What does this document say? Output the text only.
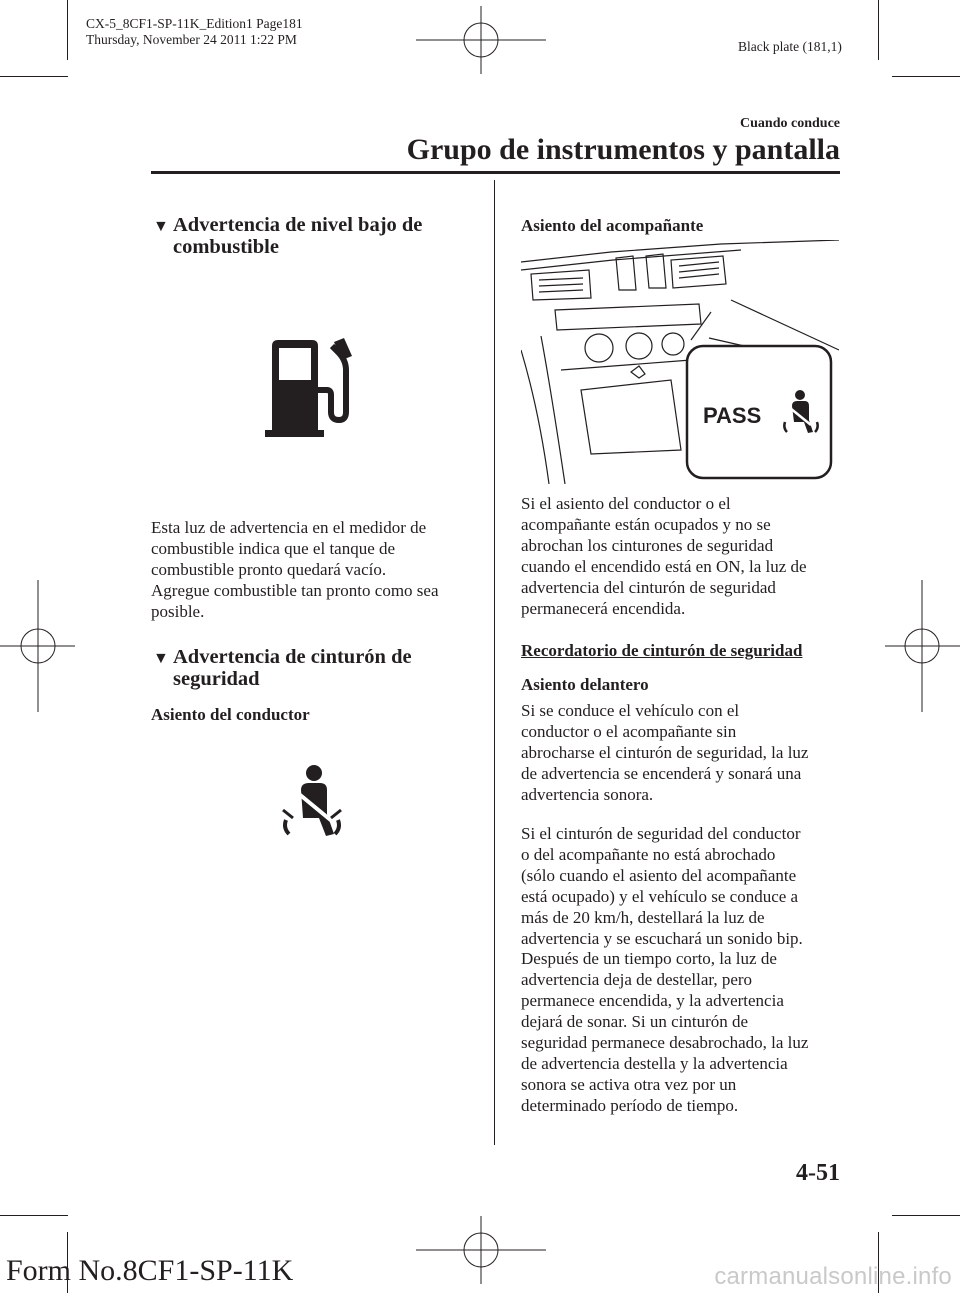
CX-5_8CF1-SP-11K_Edition1 Page181
Thursday, November 24 2011 1:22 PM	Black plate (181,1)
Cuando conduce
Grupo de instrumentos y pantalla
▼ Advertencia de nivel bajo de
combustible
Esta luz de advertencia en el medidor de
combustible indica que el tanque de
combustible pronto quedará vacío.
Agregue combustible tan pronto como sea
posible.
▼ Advertencia de cinturón de
seguridad
Asiento del conductor
Asiento del acompañante
PASS
Si el asiento del conductor o el
acompañante están ocupados y no se
abrochan los cinturones de seguridad
cuando el encendido está en ON, la luz de
advertencia del cinturón de seguridad
permanecerá encendida.
Recordatorio de cinturón de seguridad
Asiento delantero
Si se conduce el vehículo con el
conductor o el acompañante sin
abrocharse el cinturón de seguridad, la luz
de advertencia se encenderá y sonará una
advertencia sonora.
Si el cinturón de seguridad del conductor
o del acompañante no está abrochado
(sólo cuando el asiento del acompañante
está ocupado) y el vehículo se conduce a
más de 20 km/h, destellará la luz de
advertencia y se escuchará un sonido bip.
Después de un tiempo corto, la luz de
advertencia deja de destellar, pero
permanece encendida, y la advertencia
dejará de sonar. Si un cinturón de
seguridad permanece desabrochado, la luz
de advertencia destella y la advertencia
sonora se activa otra vez por un
determinado período de tiempo.
4-51
Form No.8CF1-SP-11K	carmanualsonline.info
